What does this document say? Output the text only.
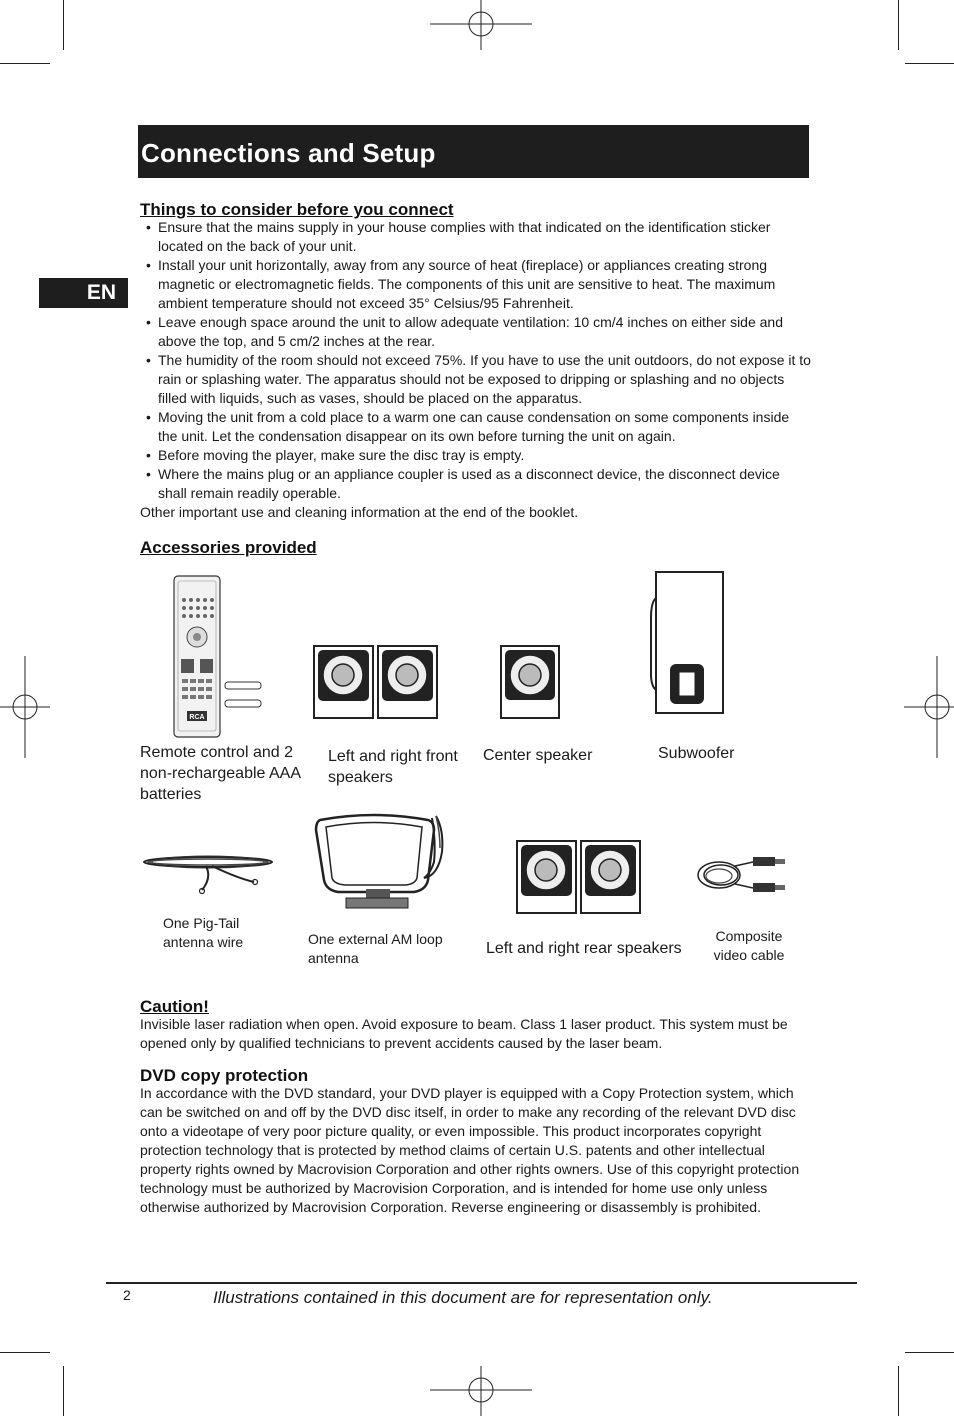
Connections and Setup
EN
Things to consider before you connect
• Ensure that the mains supply in your house complies with that indicated on the identification sticker located on the back of your unit.
• Install your unit horizontally, away from any source of heat (fireplace) or appliances creating strong magnetic or electromagnetic fields. The components of this unit are sensitive to heat. The maximum ambient temperature should not exceed 35° Celsius/95 Fahrenheit.
• Leave enough space around the unit to allow adequate ventilation: 10 cm/4 inches on either side and above the top, and 5 cm/2 inches at the rear.
• The humidity of the room should not exceed 75%. If you have to use the unit outdoors, do not expose it to rain or splashing water. The apparatus should not be exposed to dripping or splashing and no objects filled with liquids, such as vases, should be placed on the apparatus.
• Moving the unit from a cold place to a warm one can cause condensation on some components inside the unit. Let the condensation disappear on its own before turning the unit on again.
• Before moving the player, make sure the disc tray is empty.
• Where the mains plug or an appliance coupler is used as a disconnect device, the disconnect device shall remain readily operable.
Other important use and cleaning information at the end of the booklet.
Accessories provided
RCA
Remote control and 2 non-rechargeable AAA batteries
Left and right front speakers
Center speaker	Subwoofer
One Pig-Tail antenna wire	One external AM loop antenna
Left and right rear speakers
Composite video cable
Caution!
Invisible laser radiation when open. Avoid exposure to beam. Class 1 laser product. This system must be opened only by qualified technicians to prevent accidents caused by the laser beam.
DVD copy protection
In accordance with the DVD standard, your DVD player is equipped with a Copy Protection system, which can be switched on and off by the DVD disc itself, in order to make any recording of the relevant DVD disc onto a videotape of very poor picture quality, or even impossible. This product incorporates copyright protection technology that is protected by method claims of certain U.S. patents and other intellectual property rights owned by Macrovision Corporation and other rights owners. Use of this copyright protection technology must be authorized by Macrovision Corporation, and is intended for home use only unless otherwise authorized by Macrovision Corporation. Reverse engineering or disassembly is prohibited.
2	Illustrations contained in this document are for representation only.
